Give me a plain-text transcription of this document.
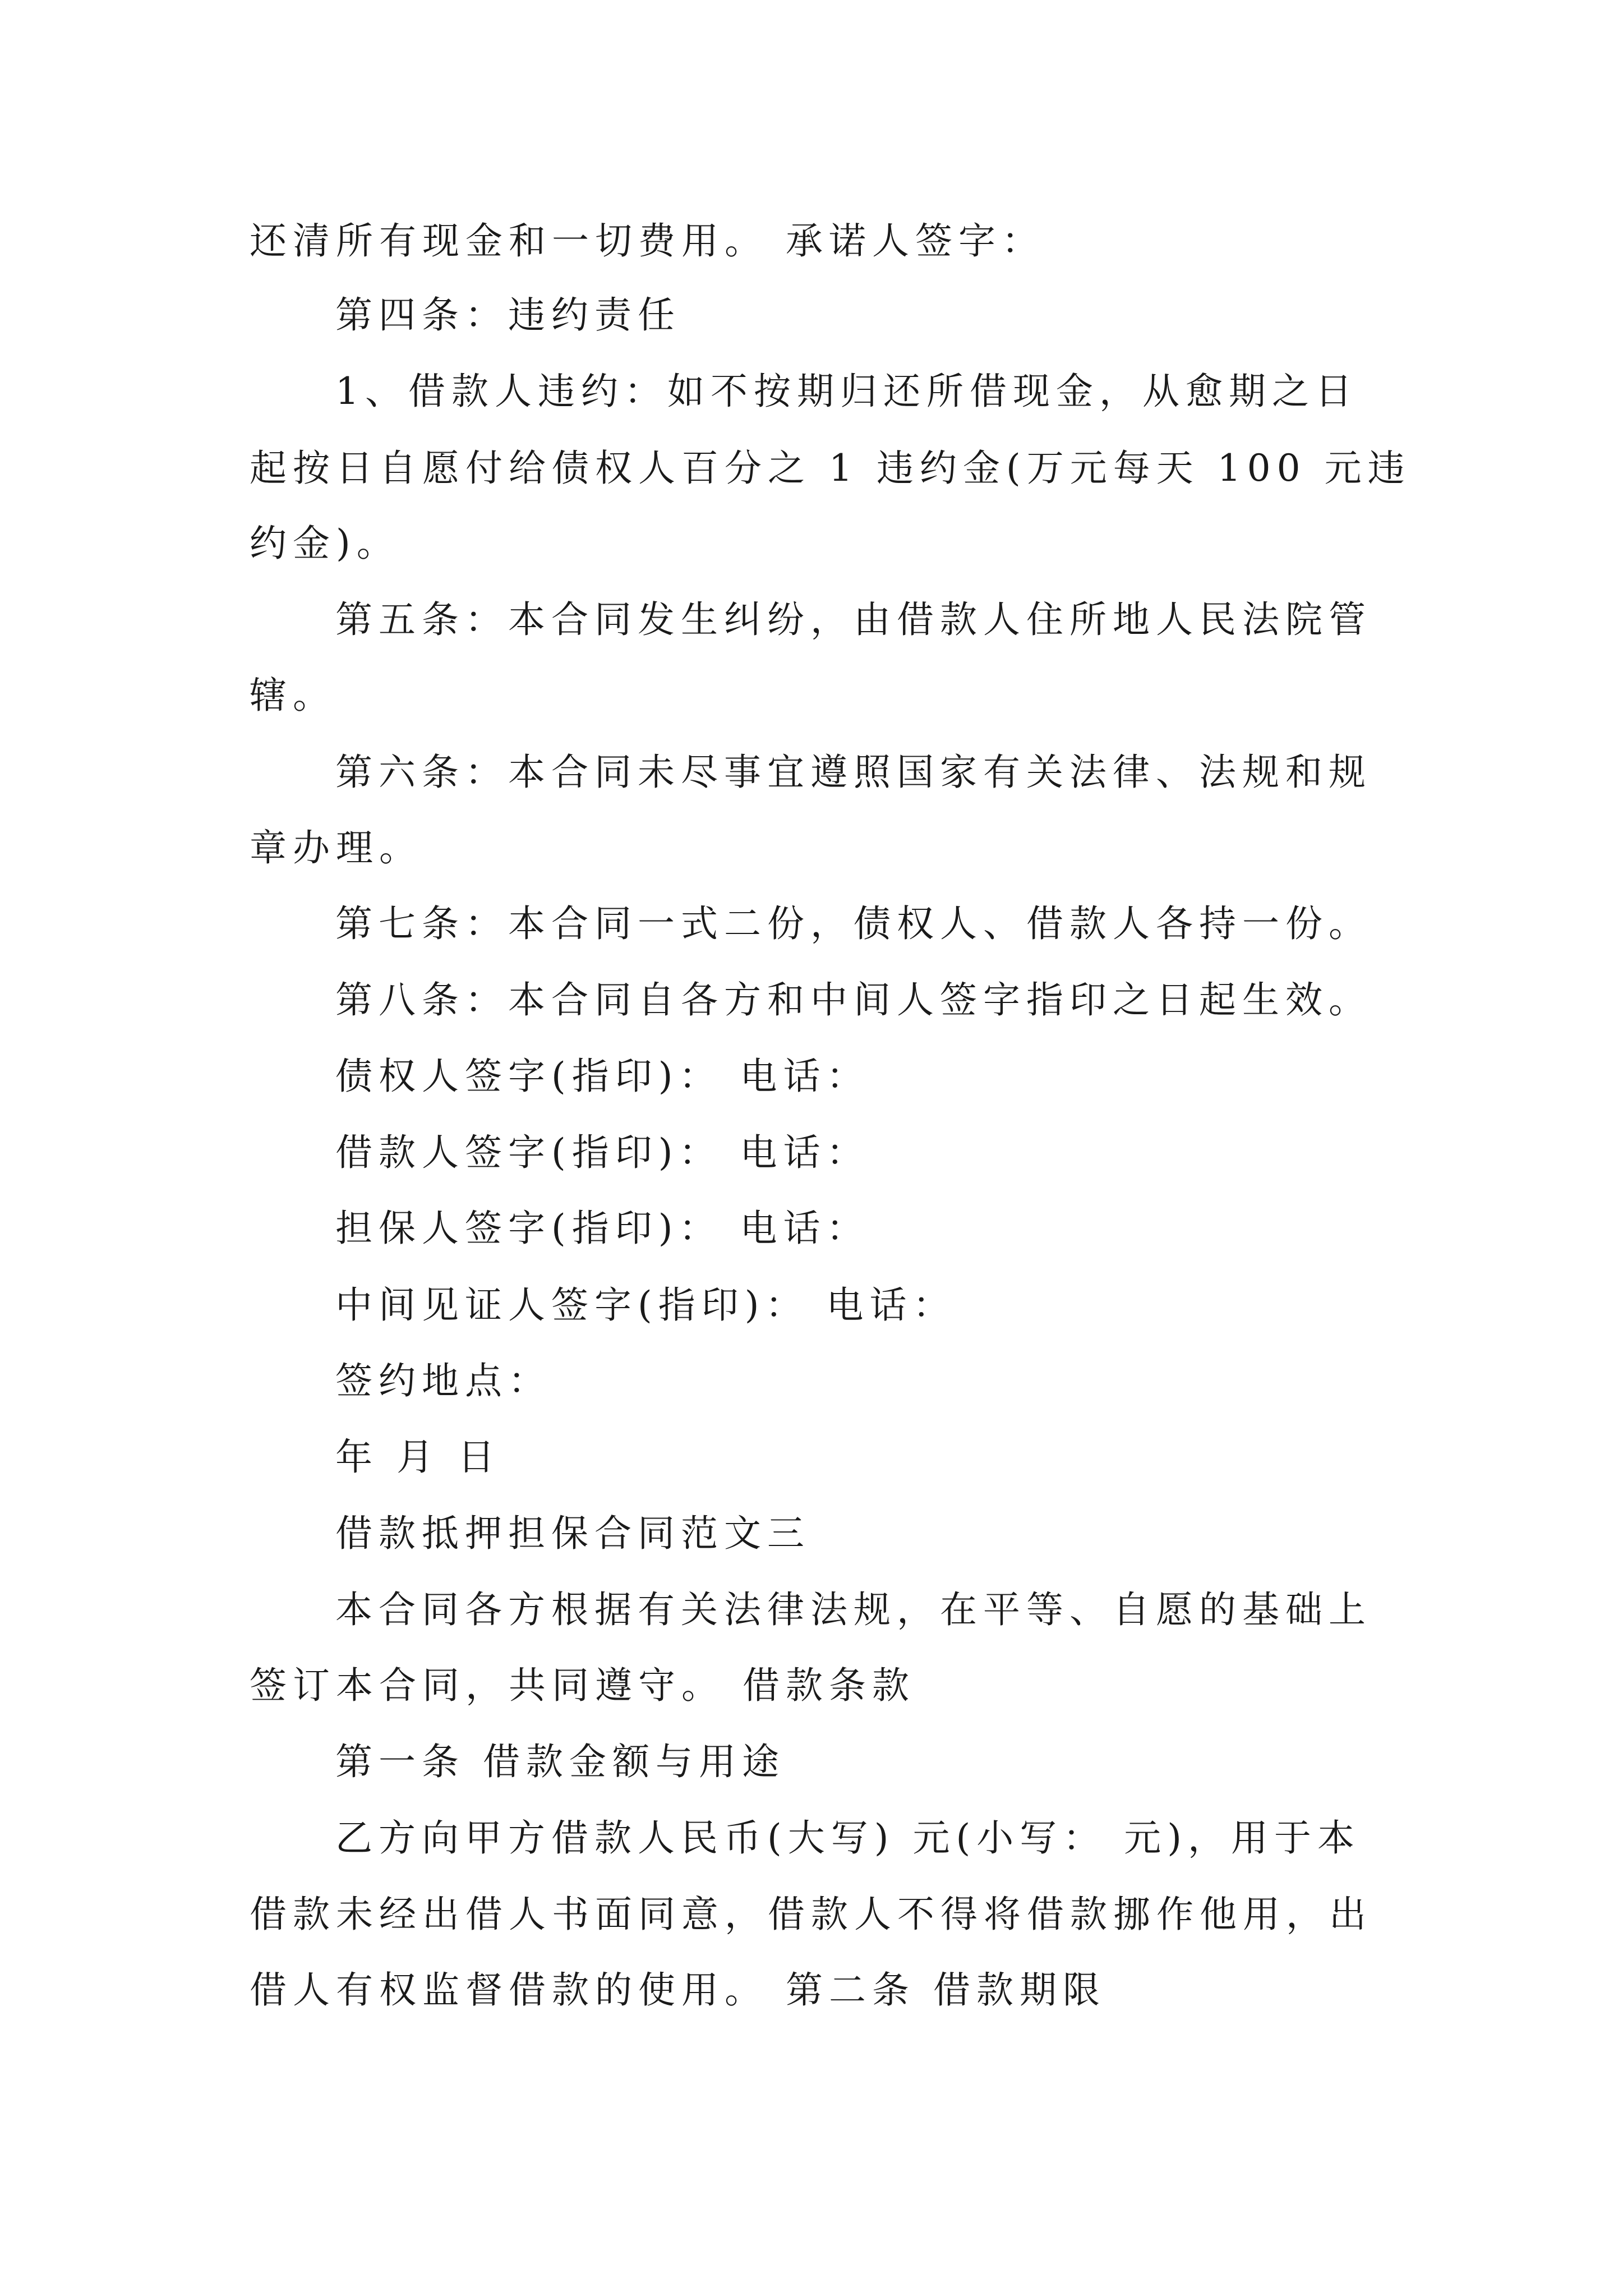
还清所有现金和一切费用。 承诺人签字：
第四条：违约责任
1、借款人违约：如不按期归还所借现金，从愈期之日
起按日自愿付给债权人百分之 1 违约金(万元每天 100 元违
约金)。
第五条：本合同发生纠纷，由借款人住所地人民法院管
辖。
第六条：本合同未尽事宜遵照国家有关法律、法规和规
章办理。
第七条：本合同一式二份，债权人、借款人各持一份。
第八条：本合同自各方和中间人签字指印之日起生效。
债权人签字(指印)： 电话：
借款人签字(指印)： 电话：
担保人签字(指印)： 电话：
中间见证人签字(指印)： 电话：
签约地点：
年 月 日
借款抵押担保合同范文三
本合同各方根据有关法律法规，在平等、自愿的基础上
签订本合同，共同遵守。 借款条款
第一条 借款金额与用途
乙方向甲方借款人民币(大写) 元(小写： 元)，用于本
借款未经出借人书面同意，借款人不得将借款挪作他用，出
借人有权监督借款的使用。 第二条 借款期限
